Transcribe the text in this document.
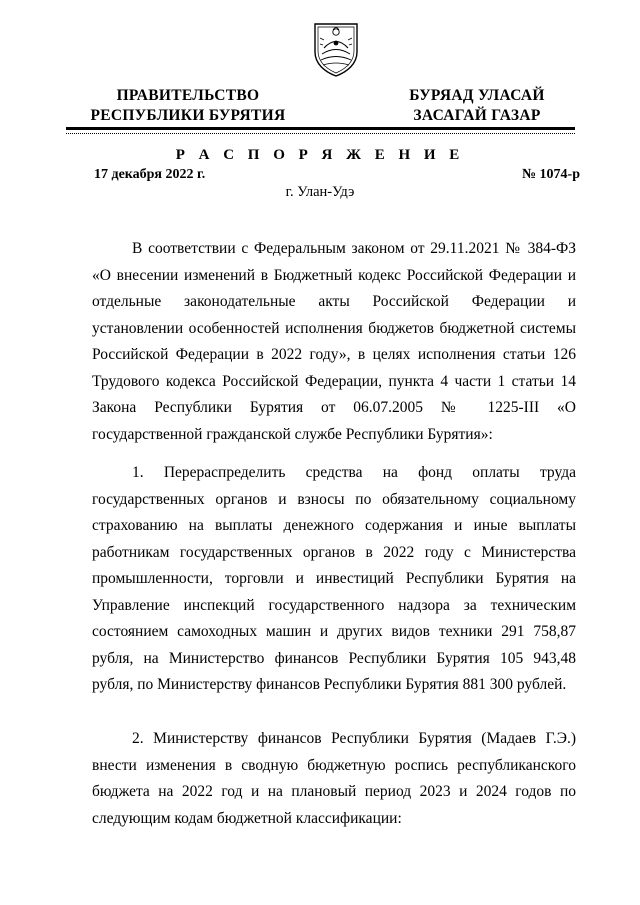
ПРАВИТЕЛЬСТВО
РЕСПУБЛИКИ БУРЯТИЯ
БУРЯАД УЛАСАЙ
ЗАСАГАЙ ГАЗАР
Р А С П О Р Я Ж Е Н И Е
17 декабря 2022 г.	№ 1074-р
г. Улан-Удэ

В соответствии с Федеральным законом от 29.11.2021 № 384-ФЗ «О внесении изменений в Бюджетный кодекс Российской Федерации и отдельные законодательные акты Российской Федерации и установлении особенностей исполнения бюджетов бюджетной системы Российской Федерации в 2022 году», в целях исполнения статьи 126 Трудового кодекса Российской Федерации, пункта 4 части 1 статьи 14 Закона Республики Бурятия от 06.07.2005 № 1225-III «О государственной гражданской службе Республики Бурятия»:

1. Перераспределить средства на фонд оплаты труда государственных органов и взносы по обязательному социальному страхованию на выплаты денежного содержания и иные выплаты работникам государственных органов в 2022 году с Министерства промышленности, торговли и инвестиций Республики Бурятия на Управление инспекций государственного надзора за техническим состоянием самоходных машин и других видов техники 291 758,87 рубля, на Министерство финансов Республики Бурятия 105 943,48 рубля, по Министерству финансов Республики Бурятия 881 300 рублей.

2. Министерству финансов Республики Бурятия (Мадаев Г.Э.) внести изменения в сводную бюджетную роспись республиканского бюджета на 2022 год и на плановый период 2023 и 2024 годов по следующим кодам бюджетной классификации:
